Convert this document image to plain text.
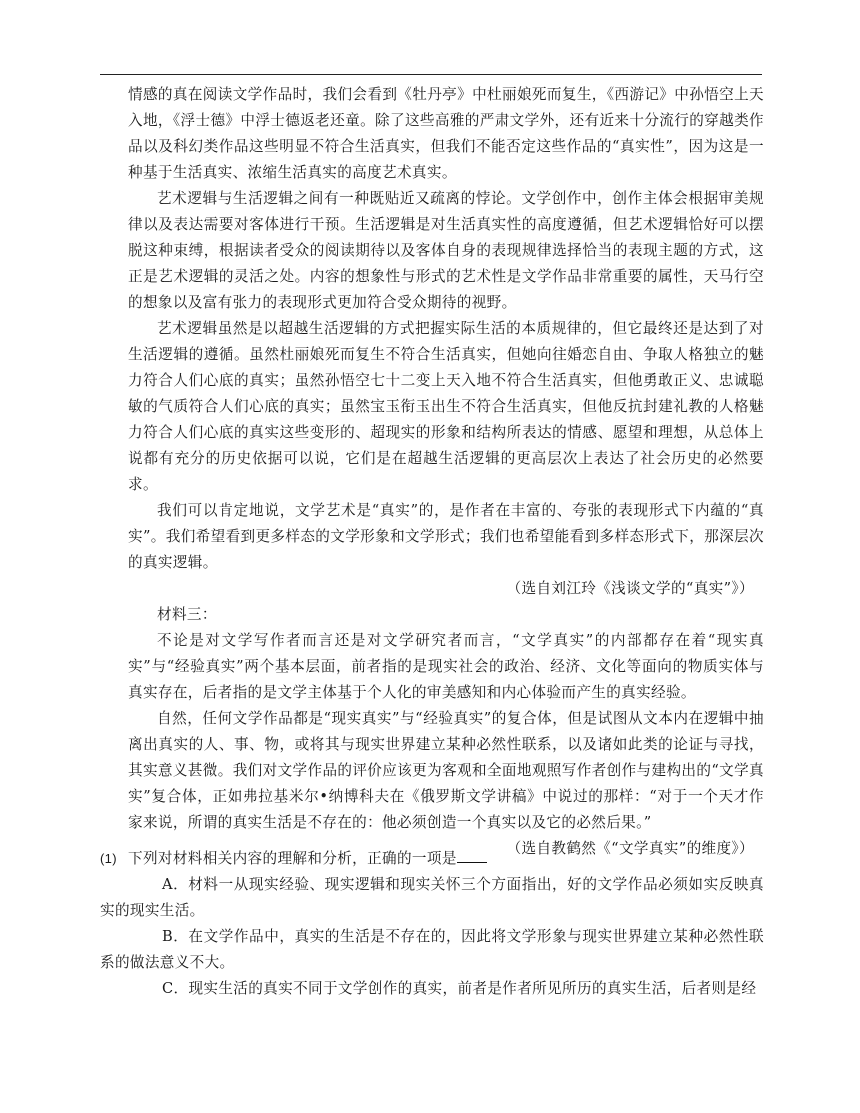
情感的真在阅读文学作品时，我们会看到《牡丹亭》中杜丽娘死而复生，《西游记》中孙悟空上天入地，《浮士德》中浮士德返老还童。除了这些高雅的严肃文学外，还有近来十分流行的穿越类作品以及科幻类作品这些明显不符合生活真实，但我们不能否定这些作品的“真实性”，因为这是一种基于生活真实、浓缩生活真实的高度艺术真实。

艺术逻辑与生活逻辑之间有一种既贴近又疏离的悖论。文学创作中，创作主体会根据审美规律以及表达需要对客体进行干预。生活逻辑是对生活真实性的高度遵循，但艺术逻辑恰好可以摆脱这种束缚，根据读者受众的阅读期待以及客体自身的表现规律选择恰当的表现主题的方式，这正是艺术逻辑的灵活之处。内容的想象性与形式的艺术性是文学作品非常重要的属性，天马行空的想象以及富有张力的表现形式更加符合受众期待的视野。

艺术逻辑虽然是以超越生活逻辑的方式把握实际生活的本质规律的，但它最终还是达到了对生活逻辑的遵循。虽然杜丽娘死而复生不符合生活真实，但她向往婚恋自由、争取人格独立的魅力符合人们心底的真实；虽然孙悟空七十二变上天入地不符合生活真实，但他勇敢正义、忠诚聪敏的气质符合人们心底的真实；虽然宝玉衔玉出生不符合生活真实，但他反抗封建礼教的人格魅力符合人们心底的真实这些变形的、超现实的形象和结构所表达的情感、愿望和理想，从总体上说都有充分的历史依据可以说，它们是在超越生活逻辑的更高层次上表达了社会历史的必然要求。

我们可以肯定地说，文学艺术是“真实”的，是作者在丰富的、夸张的表现形式下内蕴的“真实”。我们希望看到更多样态的文学形象和文学形式；我们也希望能看到多样态形式下，那深层次的真实逻辑。

（选自刘江玲《浅谈文学的“真实”》）

材料三：

不论是对文学写作者而言还是对文学研究者而言，“文学真实”的内部都存在着“现实真实”与“经验真实”两个基本层面，前者指的是现实社会的政治、经济、文化等面向的物质实体与真实存在，后者指的是文学主体基于个人化的审美感知和内心体验而产生的真实经验。

自然，任何文学作品都是“现实真实”与“经验真实”的复合体，但是试图从文本内在逻辑中抽离出真实的人、事、物，或将其与现实世界建立某种必然性联系，以及诸如此类的论证与寻找，其实意义甚微。我们对文学作品的评价应该更为客观和全面地观照写作者创作与建构出的“文学真实”复合体，正如弗拉基米尔•纳博科夫在《俄罗斯文学讲稿》中说过的那样：“对于一个天才作家来说，所谓的真实生活是不存在的：他必须创造一个真实以及它的必然后果。”

（选自教鹤然《“文学真实”的维度》）

(1) 下列对材料相关内容的理解和分析，正确的一项是

A．材料一从现实经验、现实逻辑和现实关怀三个方面指出，好的文学作品必须如实反映真实的现实生活。

B．在文学作品中，真实的生活是不存在的，因此将文学形象与现实世界建立某种必然性联系的做法意义不大。

C．现实生活的真实不同于文学创作的真实，前者是作者所见所历的真实生活，后者则是经
